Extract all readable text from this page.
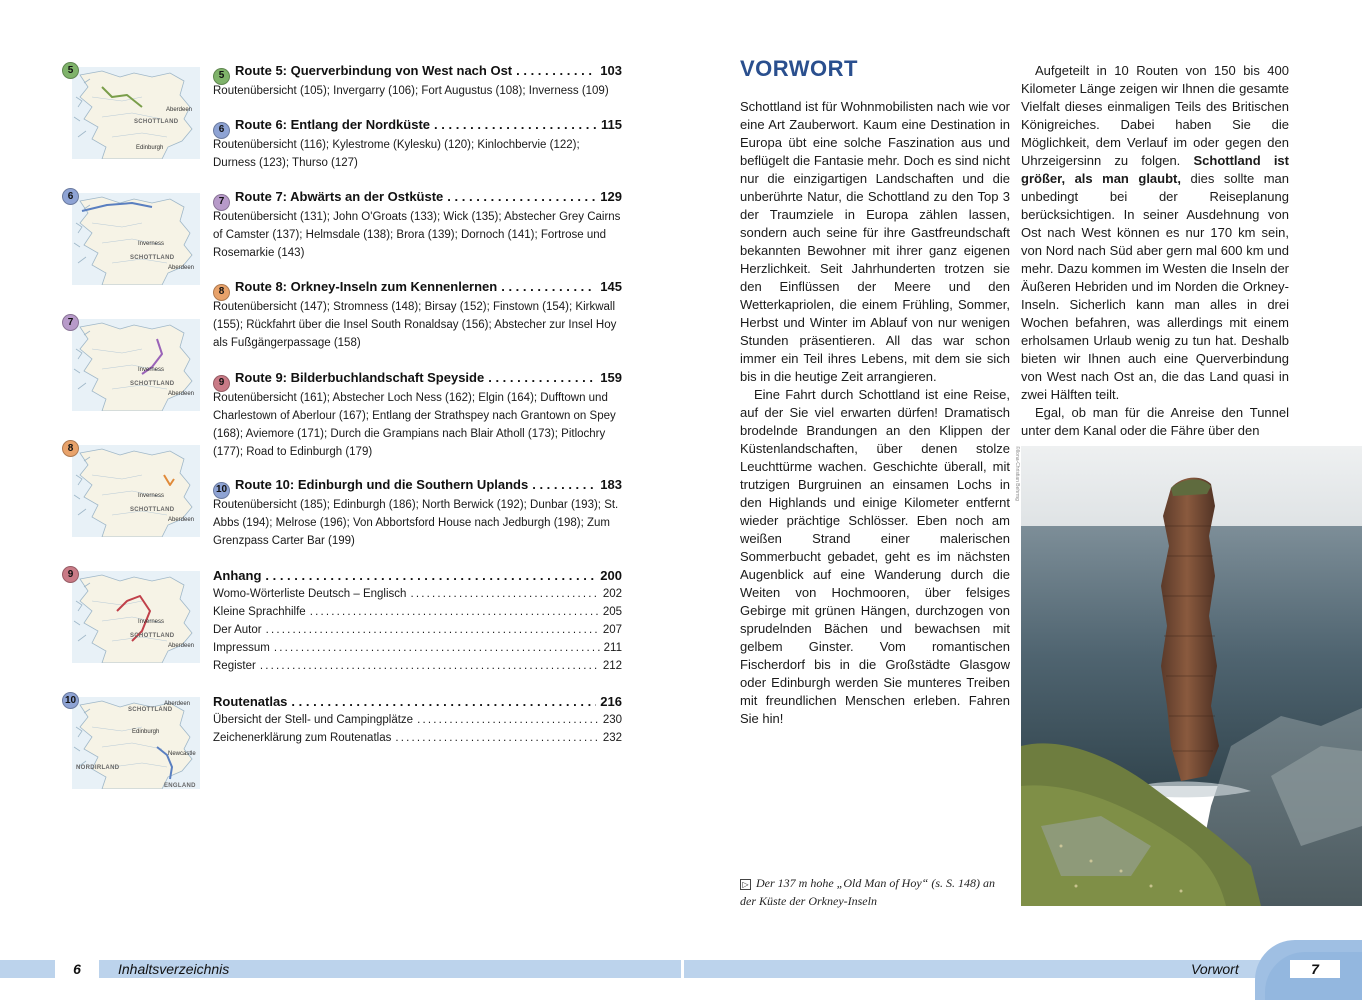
SCHOTTLAND
Aberdeen
Edinburgh
5
SCHOTTLAND
Inverness
Aberdeen
6
SCHOTTLAND
Inverness
Aberdeen
7
SCHOTTLAND
Inverness
Aberdeen
8
SCHOTTLAND
Inverness
Aberdeen
9
SCHOTTLAND
Aberdeen
Edinburgh
NORDIRLAND
Newcastle
ENGLAND
10
5 Route 5: Querverbindung von West nach Ost . . .	103
Routenübersicht (105); Invergarry (106); Fort Augustus (108); Inverness (109)
6 Route 6: Entlang der Nordküste . . .	115
Routenübersicht (116); Kylestrome (Kylesku) (120); Kinlochbervie (122); Durness (123); Thurso (127)
7 Route 7: Abwärts an der Ostküste . . .	129
Routenübersicht (131); John O'Groats (133); Wick (135); Abstecher Grey Cairns of Camster (137); Helmsdale (138); Brora (139); Dornoch (141); Fortrose und Rosemarkie (143)
8 Route 8: Orkney-Inseln zum Kennenlernen . . .	145
Routenübersicht (147); Stromness (148); Birsay (152); Finstown (154); Kirkwall (155); Rückfahrt über die Insel South Ronaldsay (156); Abstecher zur Insel Hoy als Fußgängerpassage (158)
9 Route 9: Bilderbuchlandschaft Speyside . . .	159
Routenübersicht (161); Abstecher Loch Ness (162); Elgin (164); Dufftown und Charlestown of Aberlour (167); Entlang der Strathspey nach Grantown on Spey (168); Aviemore (171); Durch die Grampians nach Blair Atholl (173); Pitlochry (177); Road to Edinburgh (179)
10 Route 10: Edinburgh und die Southern Uplands . . .	183
Routenübersicht (185); Edinburgh (186); North Berwick (192); Dunbar (193); St. Abbs (194); Melrose (196); Von Abbortsford House nach Jedburgh (198); Zum Grenzpass Carter Bar (199)
Anhang . . .	200
Womo-Wörterliste Deutsch – Englisch . . .	202
Kleine Sprachhilfe . . .	205
Der Autor . . .	207
Impressum . . .	211
Register . . .	212
Routenatlas . . .	216
Übersicht der Stell- und Campingplätze . . .	230
Zeichenerklärung zum Routenatlas . . .	232
VORWORT

Schottland ist für Wohnmobilisten nach wie vor eine Art Zauberwort. Kaum eine Destination in Europa übt eine solche Faszination aus und beflügelt die Fantasie mehr. Doch es sind nicht nur die einzigartigen Landschaften und die unberührte Natur, die Schottland zu den Top 3 der Traumziele in Europa zählen lassen, sondern auch seine für ihre Gastfreundschaft bekannten Bewohner mit ihrer ganz eigenen Herzlichkeit. Seit Jahrhunderten trotzen sie den Einflüssen der Meere und den Wetterkapriolen, die einem Frühling, Sommer, Herbst und Winter im Ablauf von nur wenigen Stunden präsentieren. All das war schon immer ein Teil ihres Lebens, mit dem sie sich bis in die heutige Zeit arrangieren.

Eine Fahrt durch Schottland ist eine Reise, auf der Sie viel erwarten dürfen! Dramatisch brodelnde Brandungen an den Klippen der Küstenlandschaften, über denen stolze Leuchttürme wachen. Geschichte überall, mit trutzigen Burgruinen an einsamen Lochs in den Highlands und einige Kilometer entfernt wieder prächtige Schlösser. Eben noch am weißen Strand einer malerischen Sommerbucht gebadet, geht es im nächsten Augenblick auf eine Wanderung durch die Weiten von Hochmooren, über felsiges Gebirge mit grünen Hängen, durchzogen von sprudelnden Bächen und bewachsen mit gelbem Ginster. Vom romantischen Fischerdorf bis in die Großstädte Glasgow oder Edinburgh werden Sie munteres Treiben mit freundlichen Menschen erleben. Fahren Sie hin!

Aufgeteilt in 10 Routen von 150 bis 400 Kilometer Länge zeigen wir Ihnen die gesamte Vielfalt dieses einmaligen Teils des Britischen Königreiches. Dabei haben Sie die Möglichkeit, dem Verlauf im oder gegen den Uhrzeigersinn zu folgen. Schottland ist größer, als man glaubt, dies sollte man unbedingt bei der Reiseplanung berücksichtigen. In seiner Ausdehnung von Ost nach West können es nur 170 km sein, von Nord nach Süd aber gern mal 600 km und mehr. Dazu kommen im Westen die Inseln der Äußeren Hebriden und im Norden die Orkney-Inseln. Sicherlich kann man alles in drei Wochen befahren, was allerdings mit einem erholsamen Urlaub wenig zu tun hat. Deshalb bieten wir Ihnen auch eine Querverbindung von West nach Ost an, die das Land quasi in zwei Hälften teilt.

Egal, ob man für die Anreise den Tunnel unter dem Kanal oder die Fähre über den

©Ilona-Christian Behrmg
▷ Der 137 m hohe „Old Man of Hoy“ (s. S. 148) an der Küste der Orkney-Inseln
6	Inhaltsverzeichnis	Vorwort	7
